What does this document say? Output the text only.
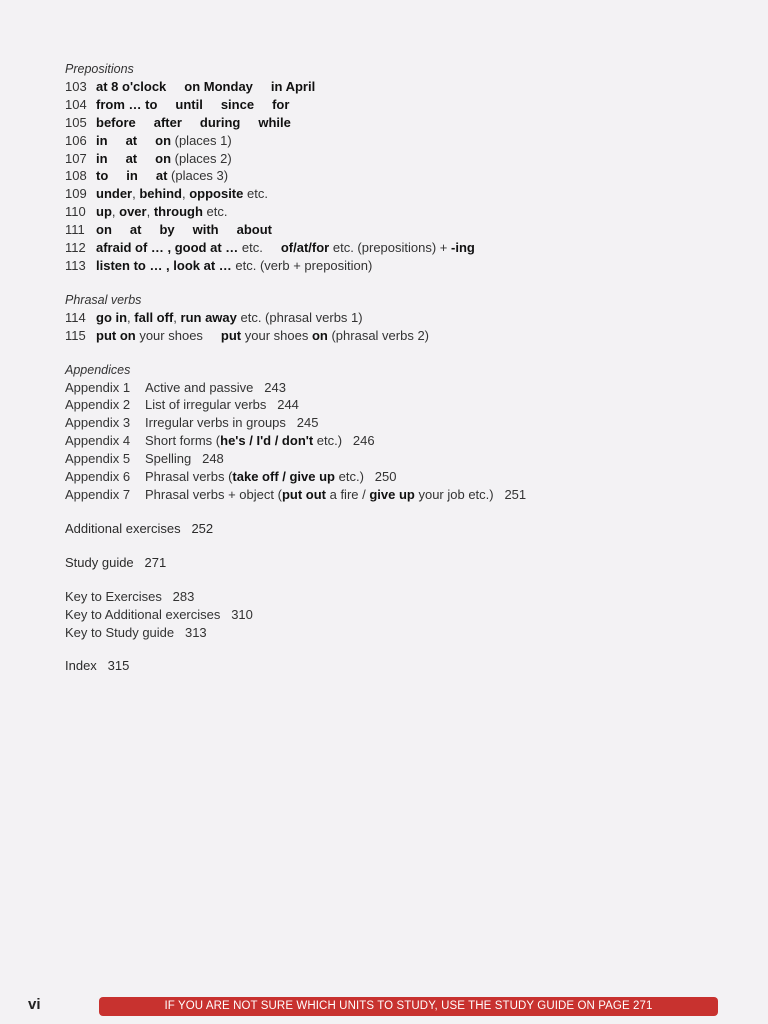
Prepositions
103 at 8 o'clock on Monday in April
104 from … to until since for
105 before after during while
106 in at on (places 1)
107 in at on (places 2)
108 to in at (places 3)
109 under, behind, opposite etc.
110 up, over, through etc.
111 on at by with about
112 afraid of … , good at … etc. of/at/for etc. (prepositions) + -ing
113 listen to … , look at … etc. (verb + preposition)
Phrasal verbs
114 go in, fall off, run away etc. (phrasal verbs 1)
115 put on your shoes put your shoes on (phrasal verbs 2)
Appendices
Appendix 1 Active and passive   243
Appendix 2 List of irregular verbs   244
Appendix 3 Irregular verbs in groups   245
Appendix 4 Short forms (he's / I'd / don't etc.)   246
Appendix 5 Spelling   248
Appendix 6 Phrasal verbs (take off / give up etc.)   250
Appendix 7 Phrasal verbs + object (put out a fire / give up your job etc.)   251
Additional exercises   252
Study guide   271
Key to Exercises   283
Key to Additional exercises   310
Key to Study guide   313
Index   315
vi	IF YOU ARE NOT SURE WHICH UNITS TO STUDY, USE THE STUDY GUIDE ON PAGE 271
